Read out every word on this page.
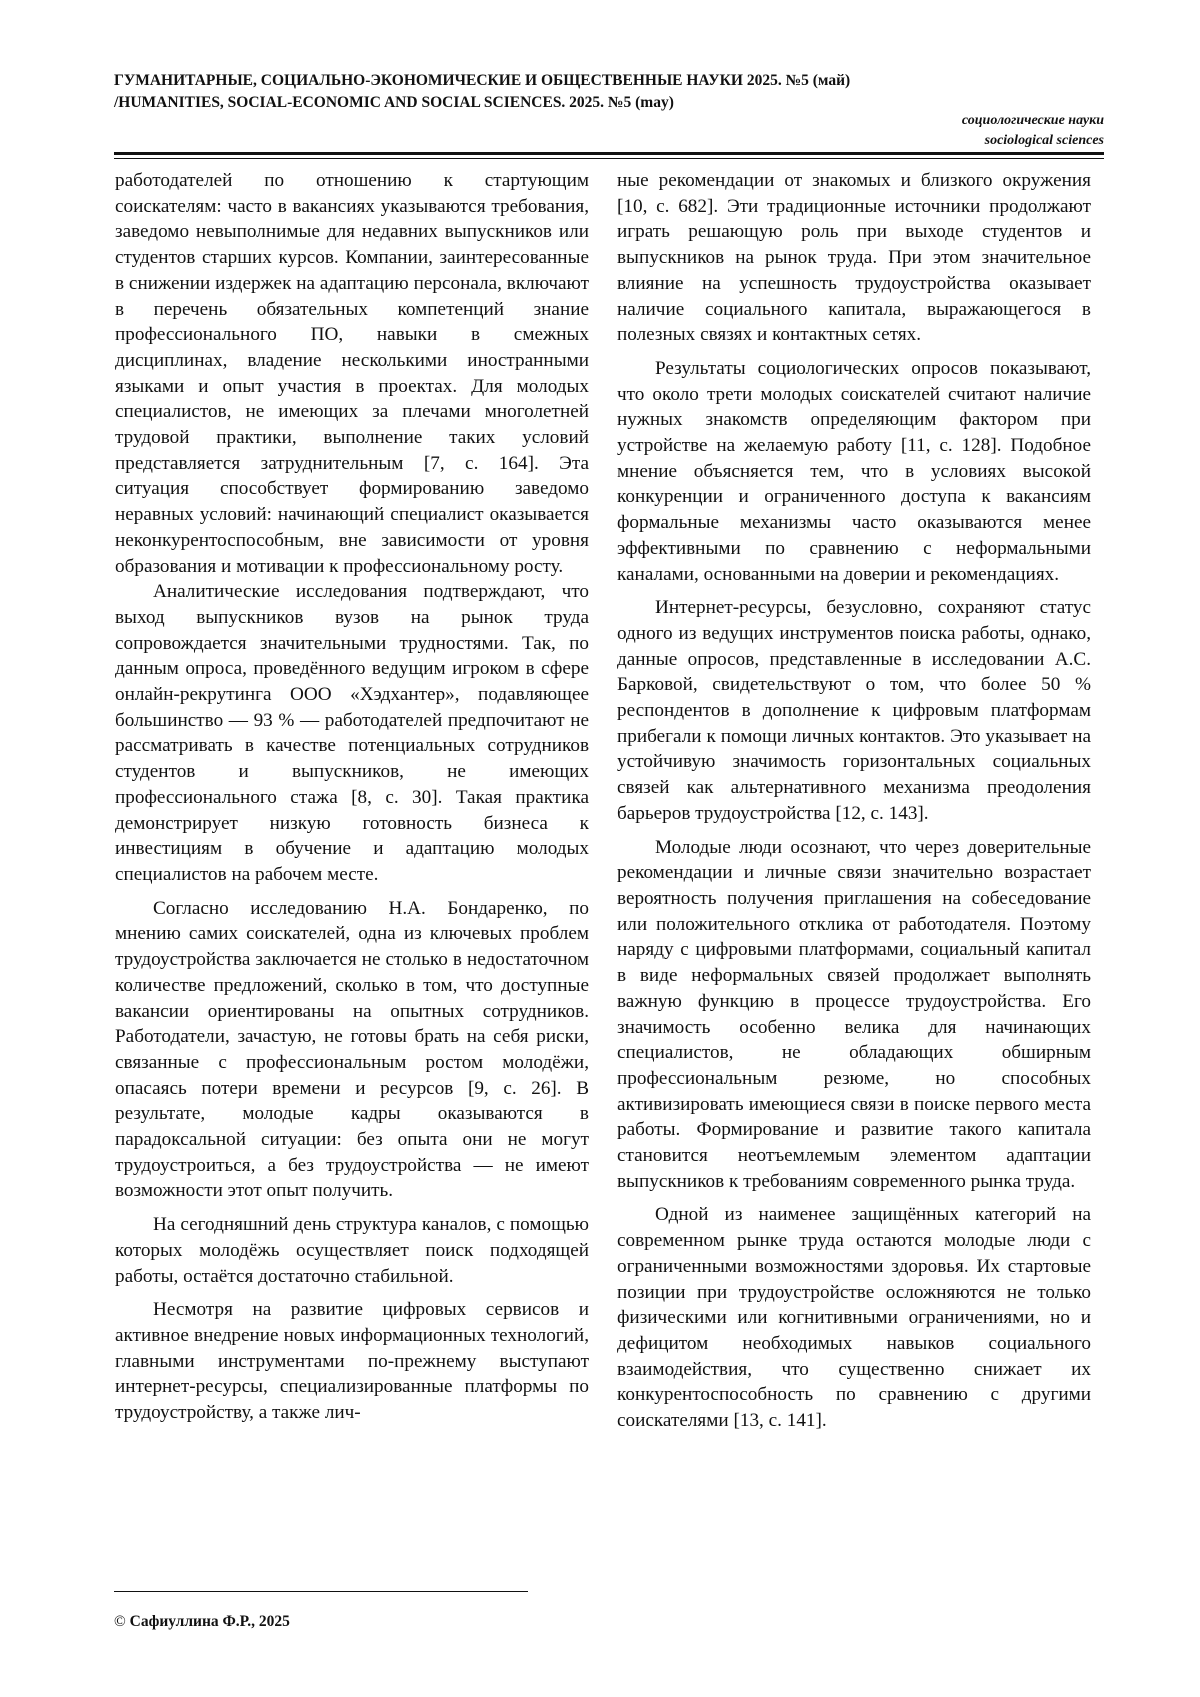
ГУМАНИТАРНЫЕ, СОЦИАЛЬНО-ЭКОНОМИЧЕСКИЕ И ОБЩЕСТВЕННЫЕ НАУКИ 2025. №5 (май)
/HUMANITIES, SOCIAL-ECONOMIC AND SOCIAL SCIENCES. 2025. №5 (may)
социологические науки
sociological sciences

работодателей по отношению к стартующим соискателям: часто в вакансиях указываются требования, заведомо невыполнимые для недавних выпускников или студентов старших курсов. Компании, заинтересованные в снижении издержек на адаптацию персонала, включают в перечень обязательных компетенций знание профессионального ПО, навыки в смежных дисциплинах, владение несколькими иностранными языками и опыт участия в проектах. Для молодых специалистов, не имеющих за плечами многолетней трудовой практики, выполнение таких условий представляется затруднительным [7, с. 164]. Эта ситуация способствует формированию заведомо неравных условий: начинающий специалист оказывается неконкурентоспособным, вне зависимости от уровня образования и мотивации к профессиональному росту.

Аналитические исследования подтверждают, что выход выпускников вузов на рынок труда сопровождается значительными трудностями. Так, по данным опроса, проведённого ведущим игроком в сфере онлайн-рекрутинга ООО «Хэдхантер», подавляющее большинство — 93 % — работодателей предпочитают не рассматривать в качестве потенциальных сотрудников студентов и выпускников, не имеющих профессионального стажа [8, с. 30]. Такая практика демонстрирует низкую готовность бизнеса к инвестициям в обучение и адаптацию молодых специалистов на рабочем месте.

Согласно исследованию Н.А. Бондаренко, по мнению самих соискателей, одна из ключевых проблем трудоустройства заключается не столько в недостаточном количестве предложений, сколько в том, что доступные вакансии ориентированы на опытных сотрудников. Работодатели, зачастую, не готовы брать на себя риски, связанные с профессиональным ростом молодёжи, опасаясь потери времени и ресурсов [9, с. 26]. В результате, молодые кадры оказываются в парадоксальной ситуации: без опыта они не могут трудоустроиться, а без трудоустройства — не имеют возможности этот опыт получить.

На сегодняшний день структура каналов, с помощью которых молодёжь осуществляет поиск подходящей работы, остаётся достаточно стабильной.

Несмотря на развитие цифровых сервисов и активное внедрение новых информационных технологий, главными инструментами по-прежнему выступают интернет-ресурсы, специализированные платформы по трудоустройству, а также лич-

ные рекомендации от знакомых и близкого окружения [10, с. 682]. Эти традиционные источники продолжают играть решающую роль при выходе студентов и выпускников на рынок труда. При этом значительное влияние на успешность трудоустройства оказывает наличие социального капитала, выражающегося в полезных связях и контактных сетях.

Результаты социологических опросов показывают, что около трети молодых соискателей считают наличие нужных знакомств определяющим фактором при устройстве на желаемую работу [11, с. 128]. Подобное мнение объясняется тем, что в условиях высокой конкуренции и ограниченного доступа к вакансиям формальные механизмы часто оказываются менее эффективными по сравнению с неформальными каналами, основанными на доверии и рекомендациях.

Интернет-ресурсы, безусловно, сохраняют статус одного из ведущих инструментов поиска работы, однако, данные опросов, представленные в исследовании А.С. Барковой, свидетельствуют о том, что более 50 % респондентов в дополнение к цифровым платформам прибегали к помощи личных контактов. Это указывает на устойчивую значимость горизонтальных социальных связей как альтернативного механизма преодоления барьеров трудоустройства [12, с. 143].

Молодые люди осознают, что через доверительные рекомендации и личные связи значительно возрастает вероятность получения приглашения на собеседование или положительного отклика от работодателя. Поэтому наряду с цифровыми платформами, социальный капитал в виде неформальных связей продолжает выполнять важную функцию в процессе трудоустройства. Его значимость особенно велика для начинающих специалистов, не обладающих обширным профессиональным резюме, но способных активизировать имеющиеся связи в поиске первого места работы. Формирование и развитие такого капитала становится неотъемлемым элементом адаптации выпускников к требованиям современного рынка труда.

Одной из наименее защищённых категорий на современном рынке труда остаются молодые люди с ограниченными возможностями здоровья. Их стартовые позиции при трудоустройстве осложняются не только физическими или когнитивными ограничениями, но и дефицитом необходимых навыков социального взаимодействия, что существенно снижает их конкурентоспособность по сравнению с другими соискателями [13, с. 141].

© Сафиуллина Ф.Р., 2025
